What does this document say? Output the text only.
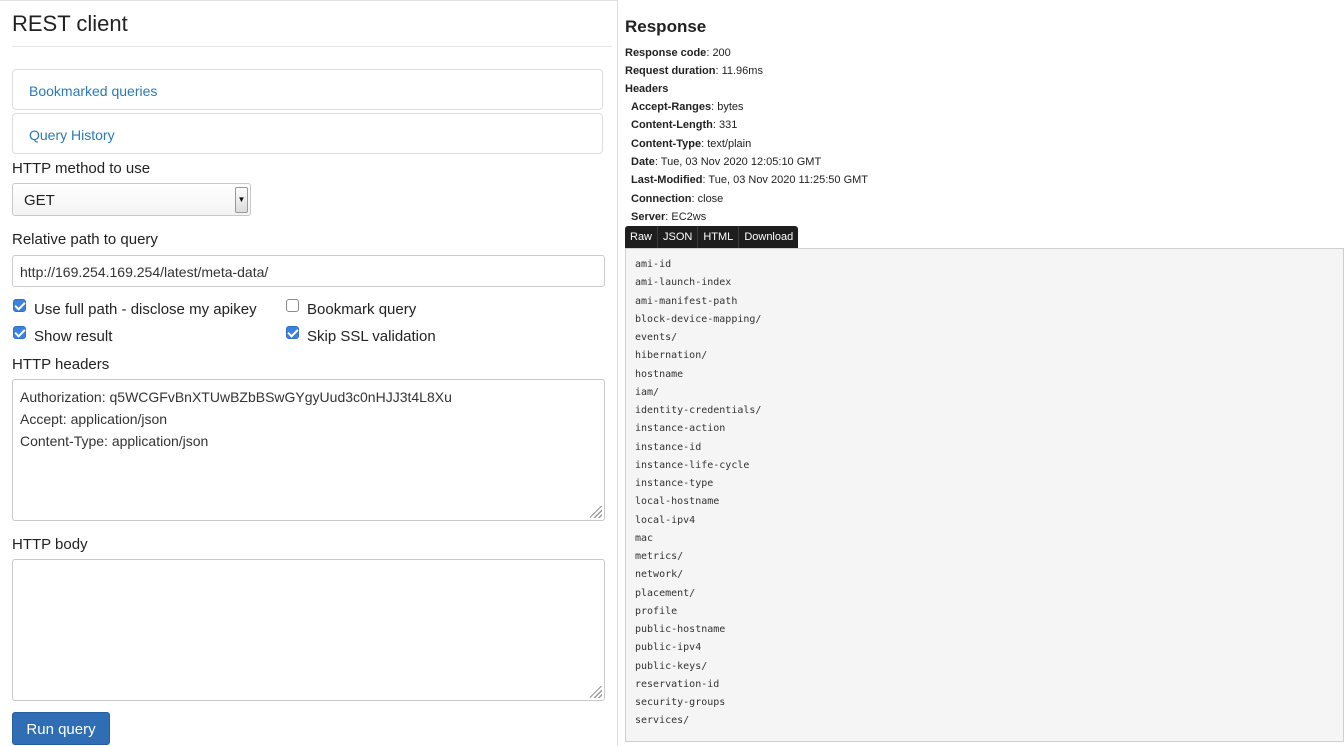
REST client
Bookmarked queries
Query History
HTTP method to use
GET	▼
Relative path to query
http://169.254.169.254/latest/meta-data/
Use full path - disclose my apikey	Bookmark query
Show result	Skip SSL validation
HTTP headers
Authorization: q5WCGFvBnXTUwBZbBSwGYgyUud3c0nHJJ3t4L8Xu
Accept: application/json
Content-Type: application/json
HTTP body
Run query
Response
Response code: 200
Request duration: 11.96ms
Headers
Accept-Ranges: bytes
Content-Length: 331
Content-Type: text/plain
Date: Tue, 03 Nov 2020 12:05:10 GMT
Last-Modified: Tue, 03 Nov 2020 11:25:50 GMT
Connection: close
Server: EC2ws
Raw	JSON	HTML	Download
ami-id
ami-launch-index
ami-manifest-path
block-device-mapping/
events/
hibernation/
hostname
iam/
identity-credentials/
instance-action
instance-id
instance-life-cycle
instance-type
local-hostname
local-ipv4
mac
metrics/
network/
placement/
profile
public-hostname
public-ipv4
public-keys/
reservation-id
security-groups
services/
